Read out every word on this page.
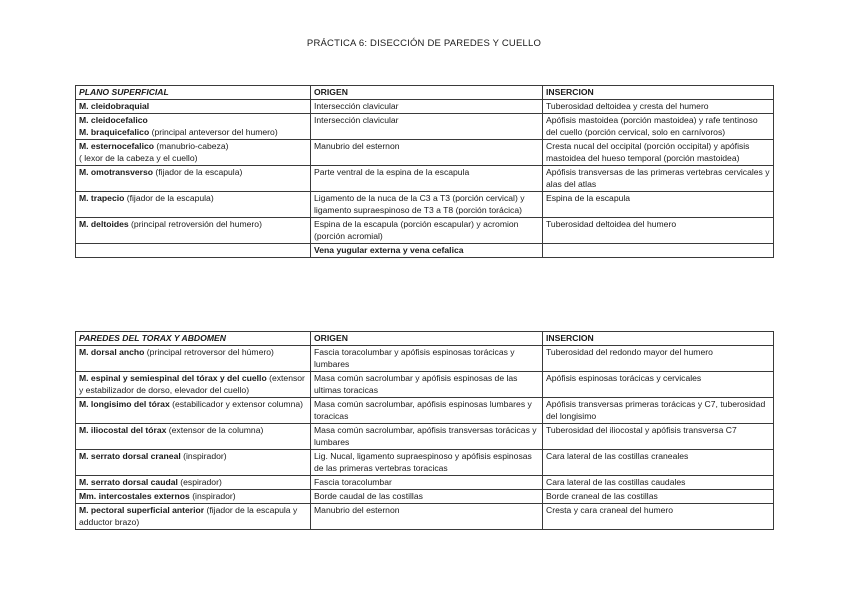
PRÁCTICA 6: DISECCIÓN DE PAREDES Y CUELLO
PLANO SUPERFICIAL	ORIGEN	INSERCION
M. cleidobraquial	Intersección clavicular	Tuberosidad deltoidea y cresta del humero

M. cleidocefalico
M. braquicefalico (principal anteversor del humero)	Intersección clavicular	Apófisis mastoidea (porción mastoidea) y rafe tentinoso del cuello (porción cervical, solo en carnívoros)
M. esternocefalico (manubrio-cabeza)
( lexor de la cabeza y el cuello)	Manubrio del esternon	Cresta nucal del occipital (porción occipital) y apófisis mastoidea del hueso temporal (porción mastoidea)
M. omotransverso (fijador de la escapula)	Parte ventral de la espina de la escapula	Apófisis transversas de las primeras vertebras cervicales y alas del atlas
M. trapecio (fijador de la escapula)	Ligamento de la nuca de la C3 a T3 (porción cervical) y ligamento supraespinoso de T3 a T8 (porción torácica)	Espina de la escapula
M. deltoides (principal retroversión del humero)	Espina de la escapula (porción escapular) y acromion (porción acromial)	Tuberosidad deltoidea del humero
	Vena yugular externa y vena cefalica	
PAREDES DEL TORAX Y ABDOMEN	ORIGEN	INSERCION
M. dorsal ancho (principal retroversor del húmero)	Fascia toracolumbar y apófisis espinosas torácicas y lumbares	Tuberosidad del redondo mayor del humero
M. espinal y semiespinal del tórax y del cuello (extensor y estabilizador de dorso, elevador del cuello)	Masa común sacrolumbar y apófisis espinosas de las ultimas toracicas	Apófisis espinosas torácicas y cervicales
M. longisimo del tórax (estabilicador y extensor columna)	Masa común sacrolumbar, apófisis espinosas lumbares y toracicas	Apófisis transversas primeras torácicas y C7, tuberosidad del longisimo
M. iliocostal del tórax (extensor de la columna)	Masa común sacrolumbar, apófisis transversas torácicas y lumbares	Tuberosidad del iliocostal y apófisis transversa C7
M. serrato dorsal craneal (inspirador)	Lig. Nucal, ligamento supraespinoso y apófisis espinosas de las primeras vertebras toracicas	Cara lateral de las costillas craneales
M. serrato dorsal caudal (espirador)	Fascia toracolumbar	Cara lateral de las costillas caudales
Mm. intercostales externos (inspirador)	Borde caudal de las costillas	Borde craneal de las costillas
M. pectoral superficial anterior (fijador de la escapula y adductor brazo)	Manubrio del esternon	Cresta y cara craneal del humero
